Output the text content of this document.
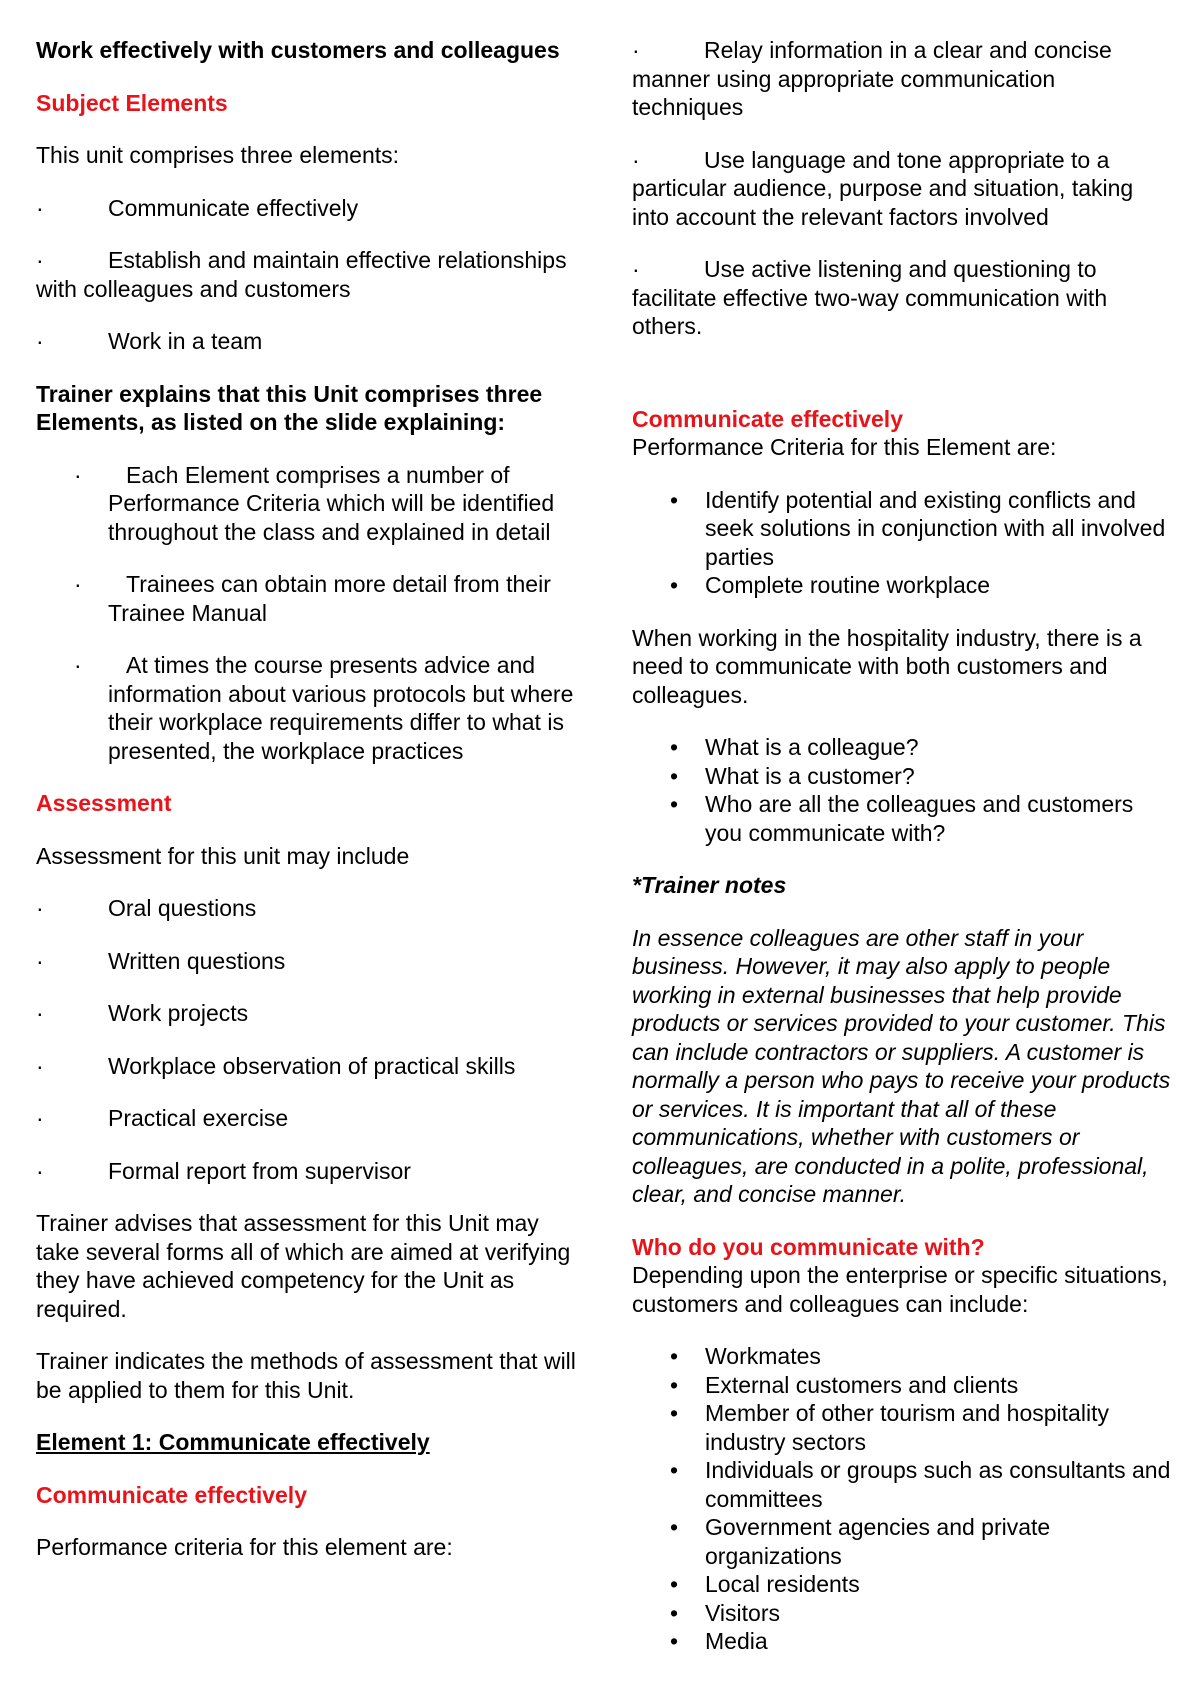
Work effectively with customers and colleagues

Subject Elements

This unit comprises three elements:

·	Communicate effectively

·	Establish and maintain effective relationships with colleagues and customers

·	Work in a team

Trainer explains that this Unit comprises three Elements, as listed on the slide explaining:

· Each Element comprises a number of Performance Criteria which will be identified throughout the class and explained in detail
· Trainees can obtain more detail from their Trainee Manual
· At times the course presents advice and information about various protocols but where their workplace requirements differ to what is presented, the workplace practices

Assessment

Assessment for this unit may include

·	Oral questions

·	Written questions

·	Work projects

·	Workplace observation of practical skills

·	Practical exercise

·	Formal report from supervisor

Trainer advises that assessment for this Unit may take several forms all of which are aimed at verifying they have achieved competency for the Unit as required.

Trainer indicates the methods of assessment that will be applied to them for this Unit.

Element 1: Communicate effectively

Communicate effectively

Performance criteria for this element are:

·	Relay information in a clear and concise manner using appropriate communication techniques

·	Use language and tone appropriate to a particular audience, purpose and situation, taking into account the relevant factors involved

·	Use active listening and questioning to facilitate effective two-way communication with others.

Communicate effectively

Performance Criteria for this Element are:

• Identify potential and existing conflicts and seek solutions in conjunction with all involved parties
• Complete routine workplace

When working in the hospitality industry, there is a need to communicate with both customers and colleagues.

• What is a colleague?
• What is a customer?
• Who are all the colleagues and customers you communicate with?

*Trainer notes

In essence colleagues are other staff in your business. However, it may also apply to people working in external businesses that help provide products or services provided to your customer. This can include contractors or suppliers. A customer is normally a person who pays to receive your products or services. It is important that all of these communications, whether with customers or colleagues, are conducted in a polite, professional, clear, and concise manner.

Who do you communicate with?

Depending upon the enterprise or specific situations, customers and colleagues can include:

• Workmates
• External customers and clients
• Member of other tourism and hospitality industry sectors
• Individuals or groups such as consultants and committees
• Government agencies and private organizations
• Local residents
• Visitors
• Media
